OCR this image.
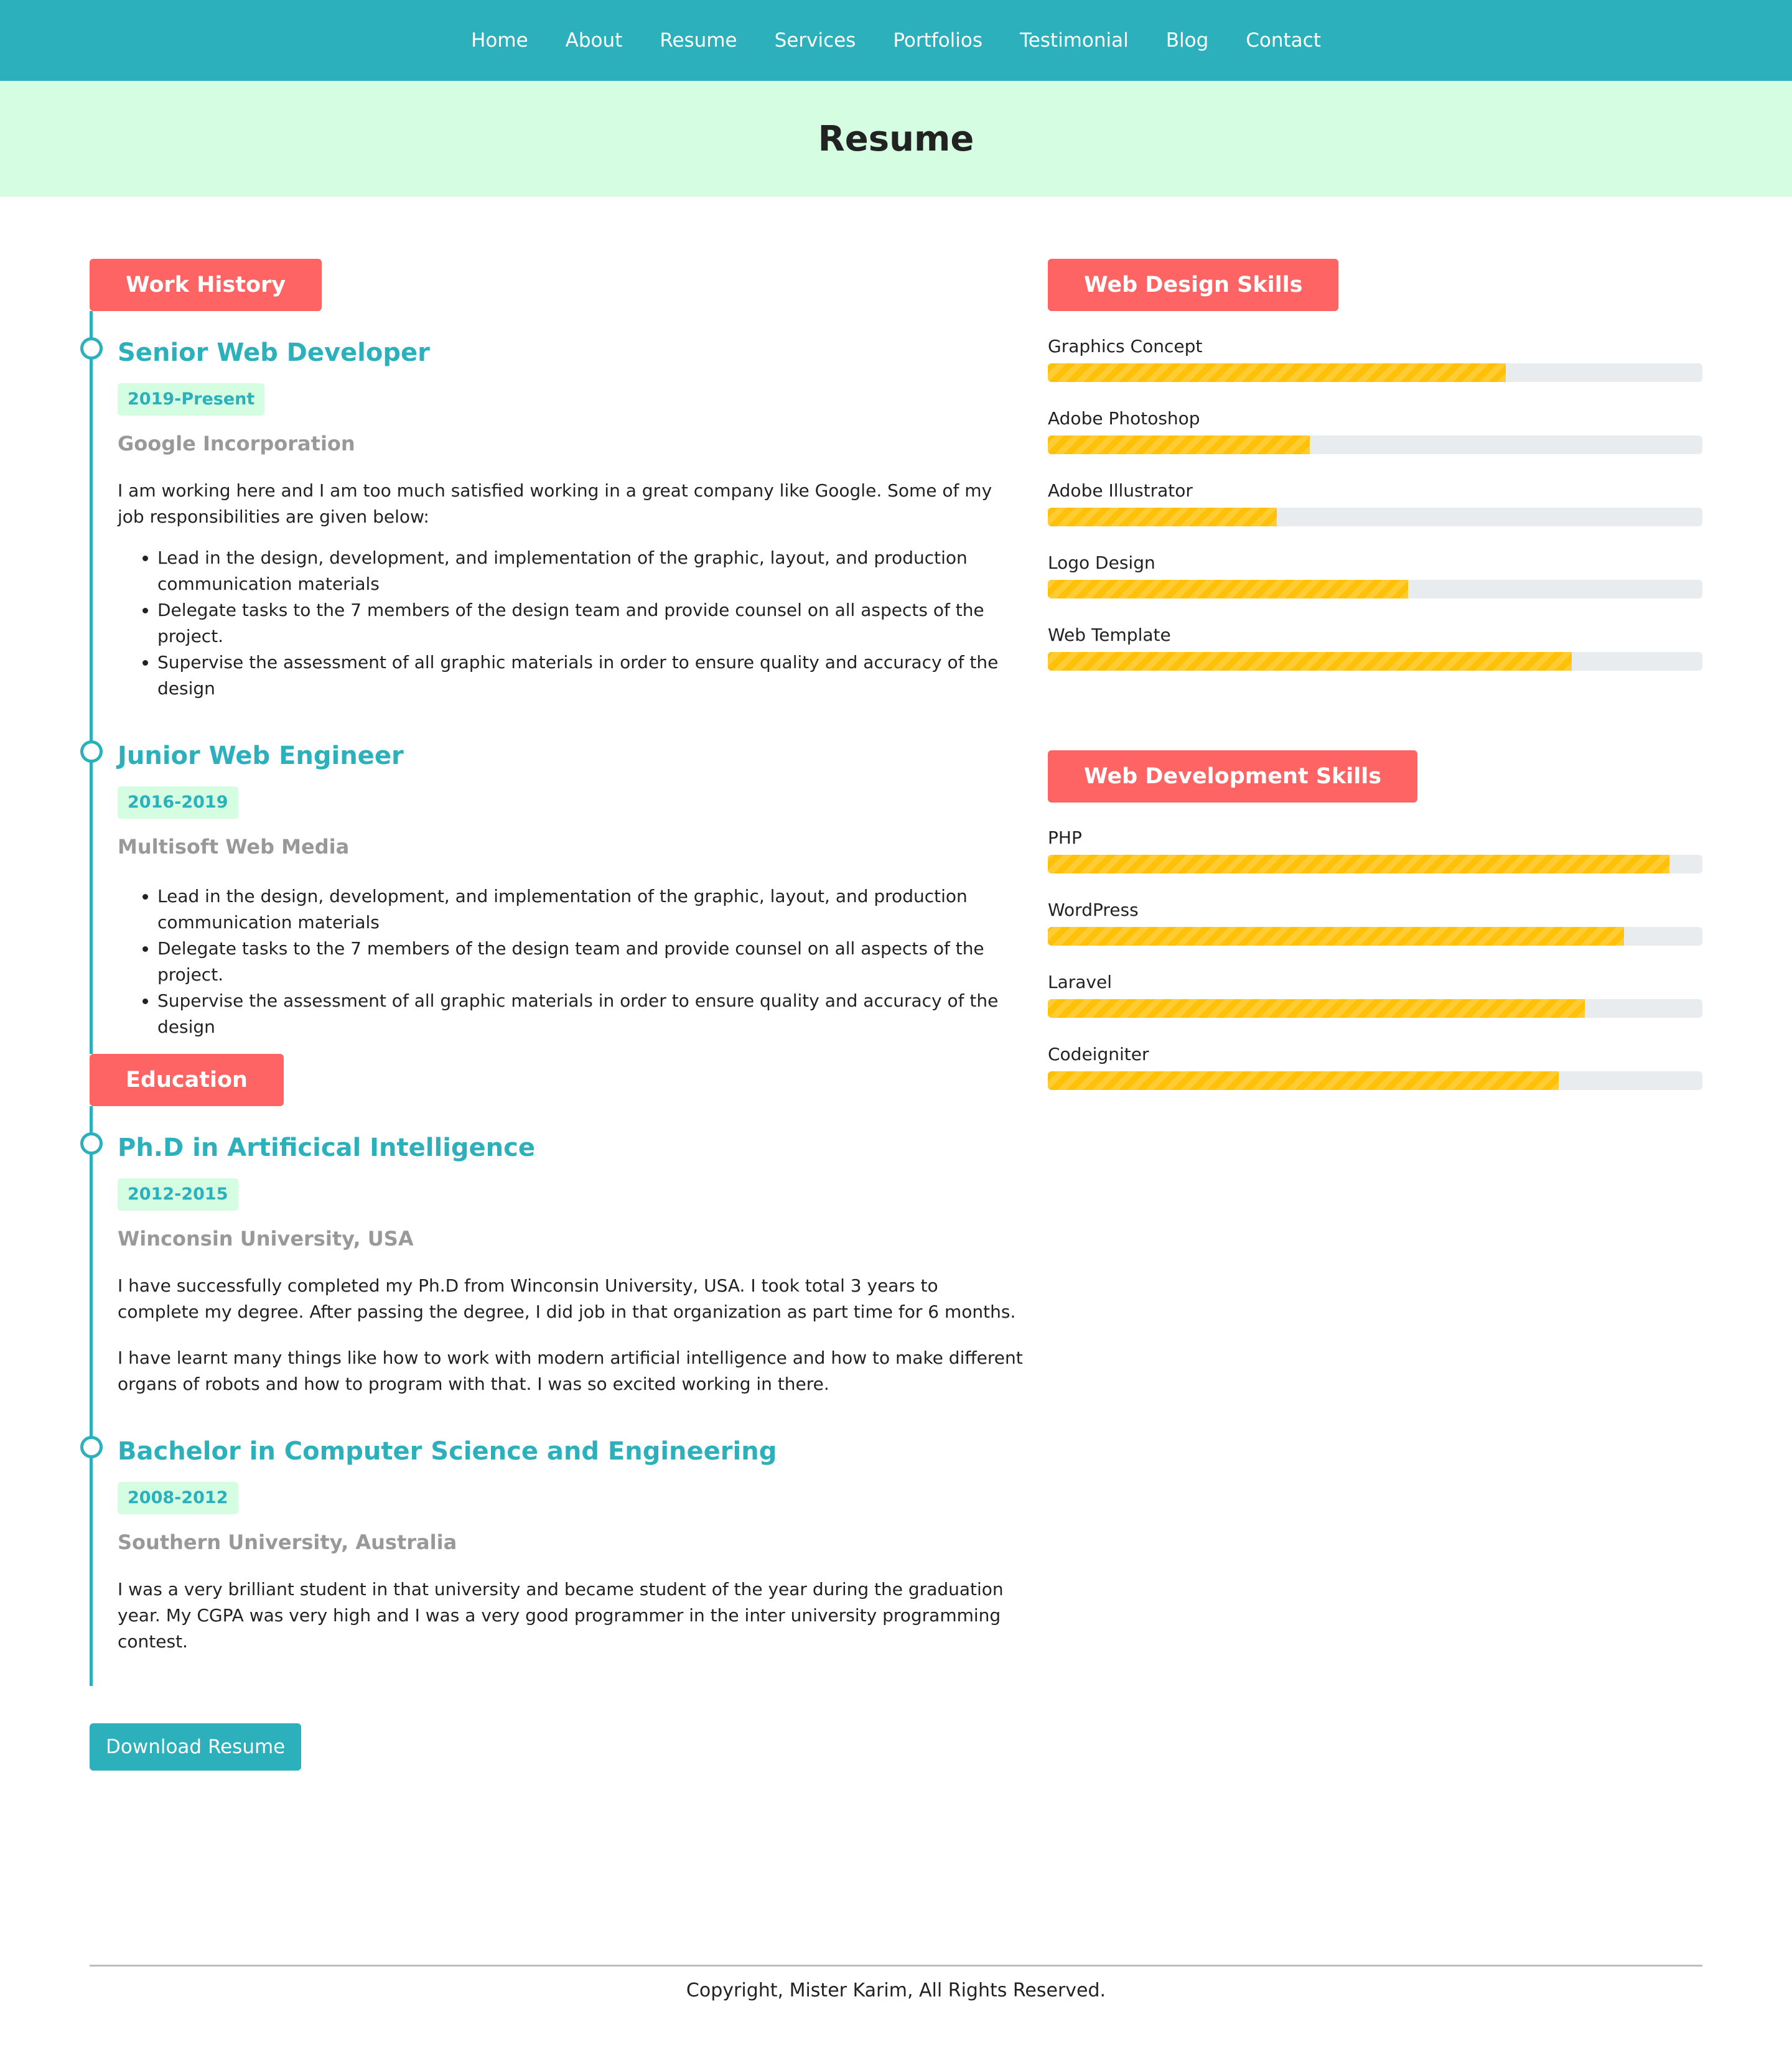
Home About Resume Services Portfolios Testimonial Blog Contact
Resume
Work History
Senior Web Developer
2019-Present
Google Incorporation

I am working here and I am too much satisfied working in a great company like Google. Some of my job responsibilities are given below:

• Lead in the design, development, and implementation of the graphic, layout, and production communication materials
• Delegate tasks to the 7 members of the design team and provide counsel on all aspects of the project.
• Supervise the assessment of all graphic materials in order to ensure quality and accuracy of the design
Junior Web Engineer
2016-2019
Multisoft Web Media
• Lead in the design, development, and implementation of the graphic, layout, and production communication materials
• Delegate tasks to the 7 members of the design team and provide counsel on all aspects of the project.
• Supervise the assessment of all graphic materials in order to ensure quality and accuracy of the design
Education
Ph.D in Artificical Intelligence
2012-2015
Winconsin University, USA

I have successfully completed my Ph.D from Winconsin University, USA. I took total 3 years to complete my degree. After passing the degree, I did job in that organization as part time for 6 months.

I have learnt many things like how to work with modern artificial intelligence and how to make different organs of robots and how to program with that. I was so excited working in there.

Bachelor in Computer Science and Engineering
2008-2012
Southern University, Australia

I was a very brilliant student in that university and became student of the year during the graduation year. My CGPA was very high and I was a very good programmer in the inter university programming contest.

Download Resume
Web Design Skills
Graphics Concept
Adobe Photoshop
Adobe Illustrator
Logo Design
Web Template
Web Development Skills
PHP
WordPress
Laravel
Codeigniter
Copyright, Mister Karim, All Rights Reserved.
